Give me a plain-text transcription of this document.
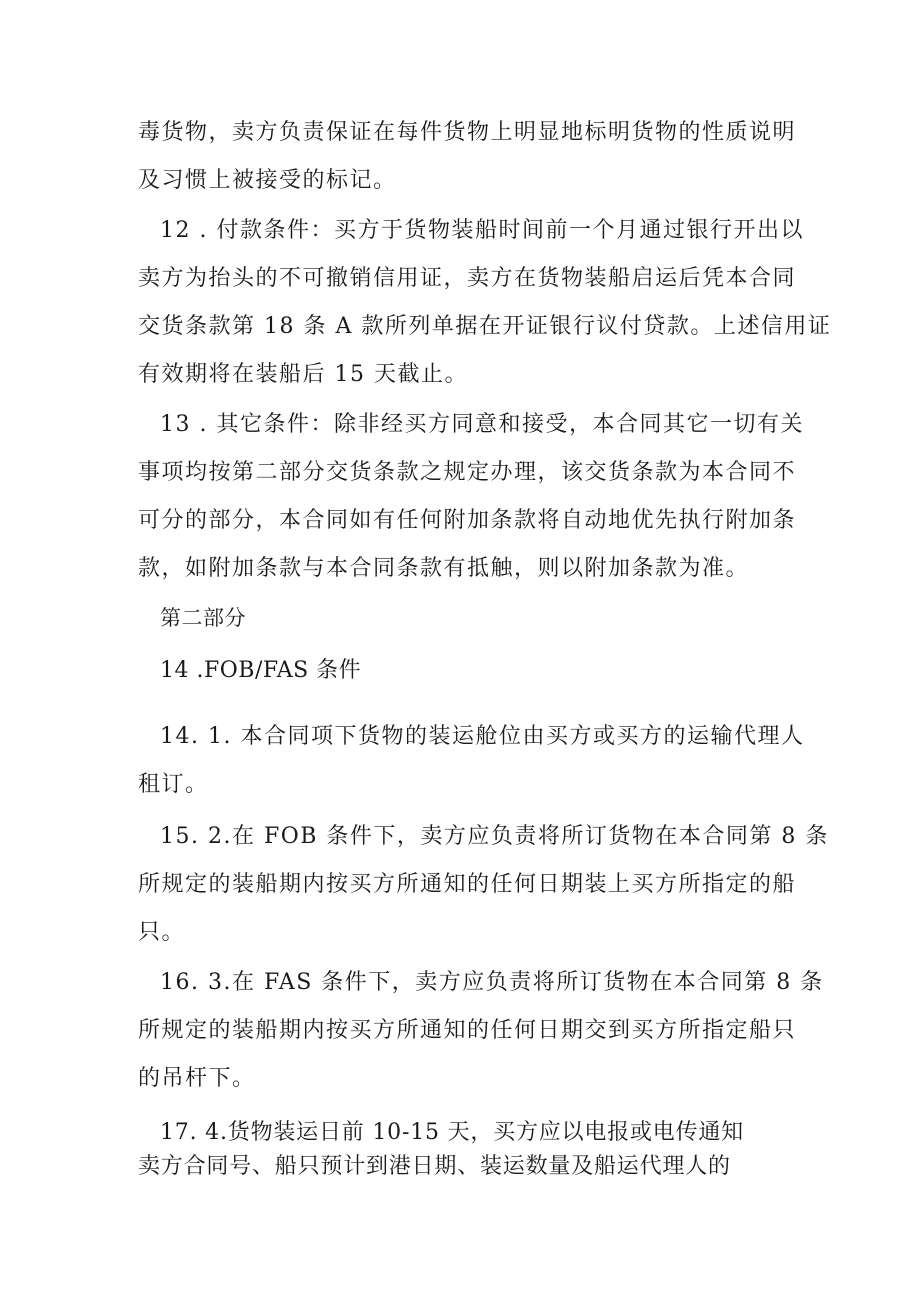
毒货物，卖方负责保证在每件货物上明显地标明货物的性质说明
及习惯上被接受的标记。
12 . 付款条件：买方于货物装船时间前一个月通过银行开出以
卖方为抬头的不可撤销信用证，卖方在货物装船启运后凭本合同
交货条款第 18 条 A 款所列单据在开证银行议付贷款。上述信用证
有效期将在装船后 15 天截止。
13 . 其它条件：除非经买方同意和接受，本合同其它一切有关
事项均按第二部分交货条款之规定办理，该交货条款为本合同不
可分的部分，本合同如有任何附加条款将自动地优先执行附加条
款，如附加条款与本合同条款有抵触，则以附加条款为准。
第二部分
14 .FOB/FAS 条件
14. 1. 本合同项下货物的装运舱位由买方或买方的运输代理人
租订。
15. 2.在 FOB 条件下，卖方应负责将所订货物在本合同第 8 条
所规定的装船期内按买方所通知的任何日期装上买方所指定的船
只。
16. 3.在 FAS 条件下，卖方应负责将所订货物在本合同第 8 条
所规定的装船期内按买方所通知的任何日期交到买方所指定船只
的吊杆下。
17. 4.货物装运日前 10-15 天，买方应以电报或电传通知
卖方合同号、船只预计到港日期、装运数量及船运代理人的
